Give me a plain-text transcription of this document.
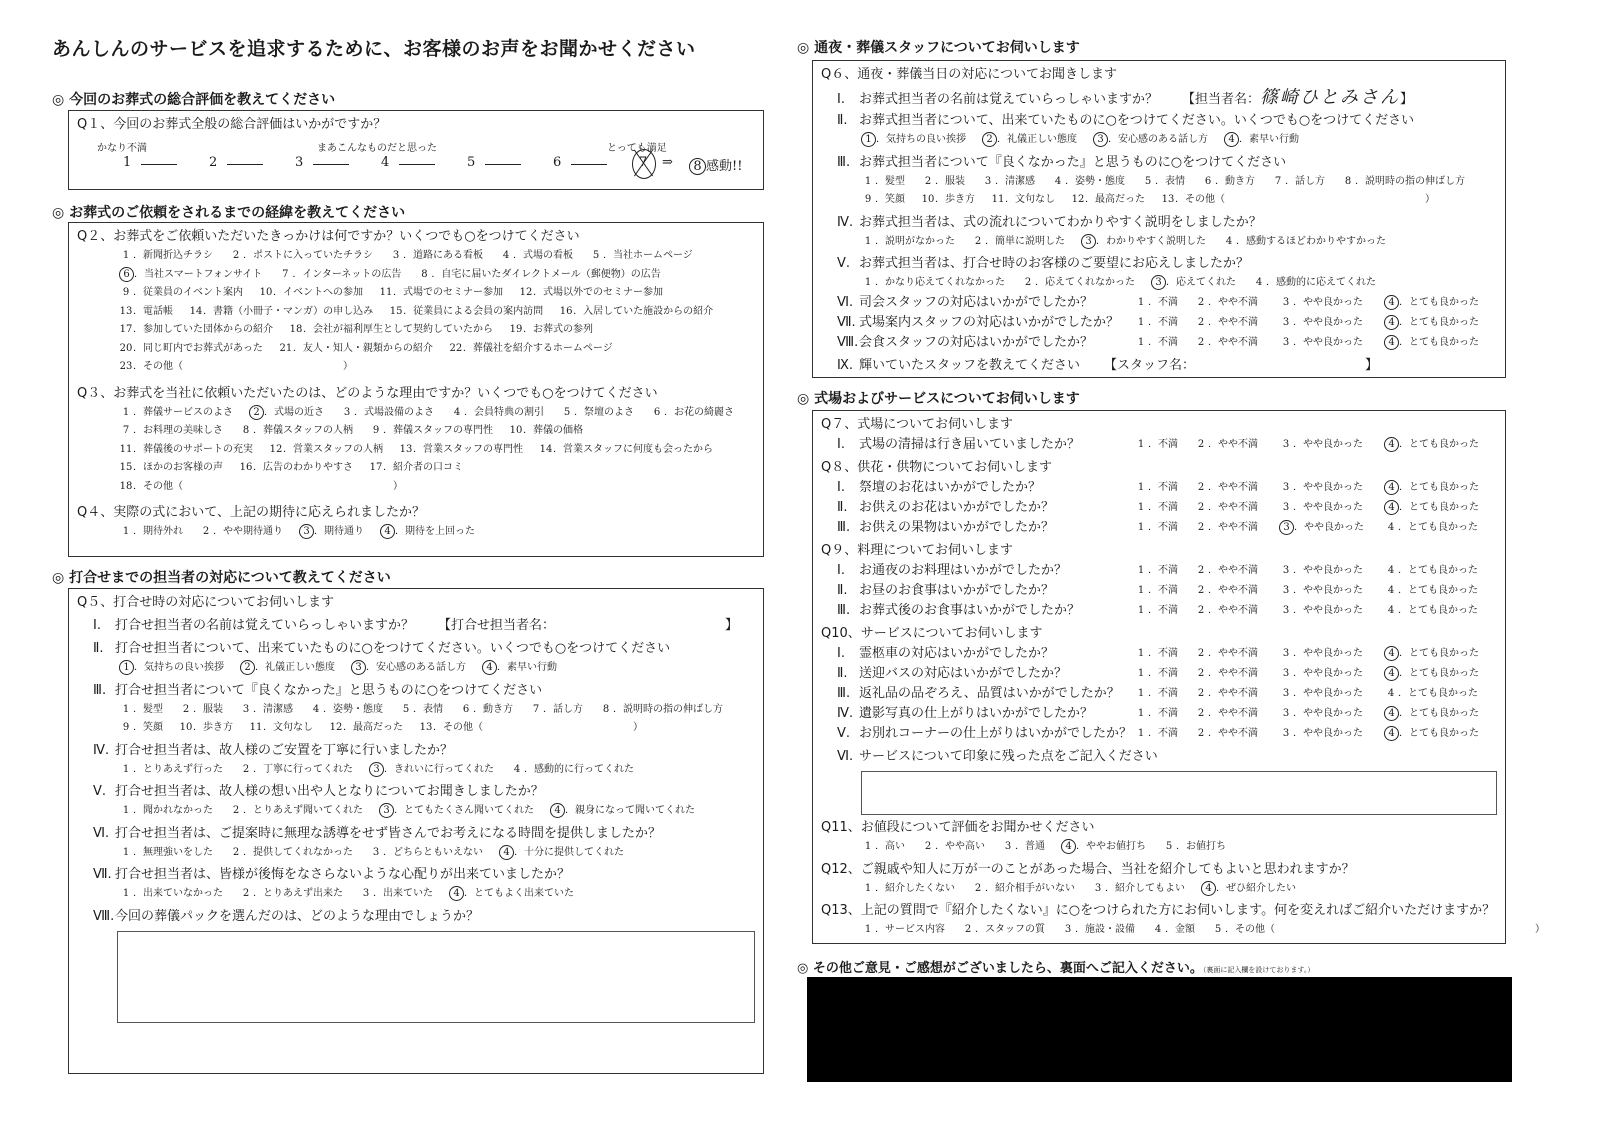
あんしんのサービスを追求するために、お客様のお声をお聞かせください
◎ 今回のお葬式の総合評価を教えてください
Q１、今回のお葬式全般の総合評価はいかがですか？
かなり不満	まあこんなものだと思った	とっても満足
1	2	3	4	5	6	7 ⇒	8 感動!!
◎ お葬式のご依頼をされるまでの経緯を教えてください
Q２、お葬式をご依頼いただいたきっかけは何ですか？いくつでも○をつけてください
1 ．新聞折込チラシ 2 ．ポストに入っていたチラシ 3 ．道路にある看板 4 ．式場の看板 5 ．当社ホームページ
6 ．当社スマートフォンサイト 7 ．インターネットの広告 8 ．自宅に届いたダイレクトメール（郵便物）の広告
9 ．従業員のイベント案内 10．イベントへの参加 11．式場でのセミナー参加 12．式場以外でのセミナー参加
13．電話帳 14．書籍（小冊子・マンガ）の申し込み 15．従業員による会員の案内訪問 16．入居していた施設からの紹介
17．参加していた団体からの紹介 18．会社が福利厚生として契約していたから 19．お葬式の参列
20．同じ町内でお葬式があった 21．友人・知人・親類からの紹介 22．葬儀社を紹介するホームページ
23．その他（　　　　　　　　　　　　　　　　）
Q３、お葬式を当社に依頼いただいたのは、どのような理由ですか？いくつでも○をつけてください
1 ．葬儀サービスのよさ 2 ．式場の近さ 3 ．式場設備のよさ 4 ．会員特典の割引 5 ．祭壇のよさ 6 ．お花の綺麗さ
7 ．お料理の美味しさ 8 ．葬儀スタッフの人柄 9 ．葬儀スタッフの専門性 10．葬儀の価格
11．葬儀後のサポートの充実 12．営業スタッフの人柄 13．営業スタッフの専門性 14．営業スタッフに何度も会ったから
15．ほかのお客様の声 16．広告のわかりやすさ 17．紹介者の口コミ
18．その他（　　　　　　　　　　　　　　　　　　　　　）
Q４、実際の式において、上記の期待に応えられましたか？
1 ．期待外れ 2 ．やや期待通り 3 ．期待通り 4 ．期待を上回った
◎ 打合せまでの担当者の対応について教えてください
Q５、打合せ時の対応についてお伺いします
Ⅰ. 打合せ担当者の名前は覚えていらっしゃいますか？ 【打合せ担当者名：	】
Ⅱ. 打合せ担当者について、出来ていたものに○をつけてください。いくつでも○をつけてください
1 ．気持ちの良い挨拶 2 ．礼儀正しい態度 3 ．安心感のある話し方 4 ．素早い行動
Ⅲ. 打合せ担当者について『良くなかった』と思うものに○をつけてください
1 ．髪型 2 ．服装 3 ．清潔感 4 ．姿勢・態度 5 ．表情 6 ．動き方 7 ．話し方 8 ．説明時の指の伸ばし方
9 ．笑顔 10．歩き方 11．文句なし 12．最高だった 13．その他（　　　　　　　　　　　　　　　）
Ⅳ. 打合せ担当者は、故人様のご安置を丁寧に行いましたか？
1 ．とりあえず行った 2 ．丁寧に行ってくれた 3 ．きれいに行ってくれた 4 ．感動的に行ってくれた
Ⅴ. 打合せ担当者は、故人様の想い出や人となりについてお聞きしましたか？
1 ．聞かれなかった 2 ．とりあえず聞いてくれた 3 ．とてもたくさん聞いてくれた 4 ．親身になって聞いてくれた
Ⅵ. 打合せ担当者は、ご提案時に無理な誘導をせず皆さんでお考えになる時間を提供しましたか？
1 ．無理強いをした 2 ．提供してくれなかった 3 ．どちらともいえない 4 ．十分に提供してくれた
Ⅶ. 打合せ担当者は、皆様が後悔をなさらないような心配りが出来ていましたか？
1 ．出来ていなかった 2 ．とりあえず出来た 3 ．出来ていた 4 ．とてもよく出来ていた
Ⅷ.今回の葬儀パックを選んだのは、どのような理由でしょうか？
◎ 通夜・葬儀スタッフについてお伺いします
Q６、通夜・葬儀当日の対応についてお聞きします
Ⅰ. お葬式担当者の名前は覚えていらっしゃいますか？ 【担当者名：篠崎ひとみさん】
Ⅱ. お葬式担当者について、出来ていたものに○をつけてください。いくつでも○をつけてください
1 ．気持ちの良い挨拶 2 ．礼儀正しい態度 3 ．安心感のある話し方 4 ．素早い行動
Ⅲ. お葬式担当者について『良くなかった』と思うものに○をつけてください
1 ．髪型 2 ．服装 3 ．清潔感 4 ．姿勢・態度 5 ．表情 6 ．動き方 7 ．話し方 8 ．説明時の指の伸ばし方
9 ．笑顔 10．歩き方 11．文句なし 12．最高だった 13．その他（　　　　　　　　　　　　　　　　　　　　）
Ⅳ. お葬式担当者は、式の流れについてわかりやすく説明をしましたか？
1 ．説明がなかった 2 ．簡単に説明した 3 ．わかりやすく説明した 4 ．感動するほどわかりやすかった
Ⅴ. お葬式担当者は、打合せ時のお客様のご要望にお応えしましたか？
1 ．かなり応えてくれなかった 2 ．応えてくれなかった 3 ．応えてくれた 4 ．感動的に応えてくれた
Ⅵ. 司会スタッフの対応はいかがでしたか？	1 ．不満	2 ．やや不満	3 ．やや良かった	4 ．とても良かった
Ⅶ. 式場案内スタッフの対応はいかがでしたか？	1 ．不満	2 ．やや不満	3 ．やや良かった	4 ．とても良かった
Ⅷ. 会食スタッフの対応はいかがでしたか？	1 ．不満	2 ．やや不満	3 ．やや良かった	4 ．とても良かった
Ⅸ. 輝いていたスタッフを教えてください 【スタッフ名：	】
◎ 式場およびサービスについてお伺いします
Q７、式場についてお伺いします
Ⅰ.	式場の清掃は行き届いていましたか？	1 ．不満	2 ．やや不満	3 ．やや良かった	4 ．とても良かった
Q８、供花・供物についてお伺いします
Ⅰ.	祭壇のお花はいかがでしたか？	1 ．不満	2 ．やや不満	3 ．やや良かった	4 ．とても良かった
Ⅱ. お供えのお花はいかがでしたか？	1 ．不満	2 ．やや不満	3 ．やや良かった	4 ．とても良かった
Ⅲ. お供えの果物はいかがでしたか？	1 ．不満	2 ．やや不満	3 ．やや良かった	4 ．とても良かった
Q９、料理についてお伺いします
Ⅰ.	お通夜のお料理はいかがでしたか？	1 ．不満	2 ．やや不満	3 ．やや良かった	4 ．とても良かった
Ⅱ. お昼のお食事はいかがでしたか？	1 ．不満	2 ．やや不満	3 ．やや良かった	4 ．とても良かった
Ⅲ. お葬式後のお食事はいかがでしたか？	1 ．不満	2 ．やや不満	3 ．やや良かった	4 ．とても良かった
Q10、サービスについてお伺いします
Ⅰ.	霊柩車の対応はいかがでしたか？	1 ．不満	2 ．やや不満	3 ．やや良かった	4 ．とても良かった
Ⅱ. 送迎バスの対応はいかがでしたか？	1 ．不満	2 ．やや不満	3 ．やや良かった	4 ．とても良かった
Ⅲ. 返礼品の品ぞろえ、品質はいかがでしたか？	1 ．不満	2 ．やや不満	3 ．やや良かった	4 ．とても良かった
Ⅳ. 遺影写真の仕上がりはいかがでしたか？	1 ．不満	2 ．やや不満	3 ．やや良かった	4 ．とても良かった
Ⅴ. お別れコーナーの仕上がりはいかがでしたか？ 1 ．不満	2 ．やや不満	3 ．やや良かった	4 ．とても良かった
Ⅵ. サービスについて印象に残った点をご記入ください
Q11、お値段について評価をお聞かせください
1 ．高い 2 ．やや高い 3 ．普通 4 ．ややお値打ち 5 ．お値打ち
Q12、ご親戚や知人に万が一のことがあった場合、当社を紹介してもよいと思われますか？
1 ．紹介したくない 2 ．紹介相手がいない 3 ．紹介してもよい 4 ．ぜひ紹介したい
Q13、上記の質問で『紹介したくない』に○をつけられた方にお伺いします。何を変えればご紹介いただけますか？
1 ．サービス内容 2 ．スタッフの質 3 ．施設・設備 4 ．金額 5 ．その他（　　　　　　　　　　　　　　　　　　　　　　　　　　）
◎ その他ご意見・ご感想がございましたら、裏面へご記入ください。（裏面に記入欄を設けております。）
